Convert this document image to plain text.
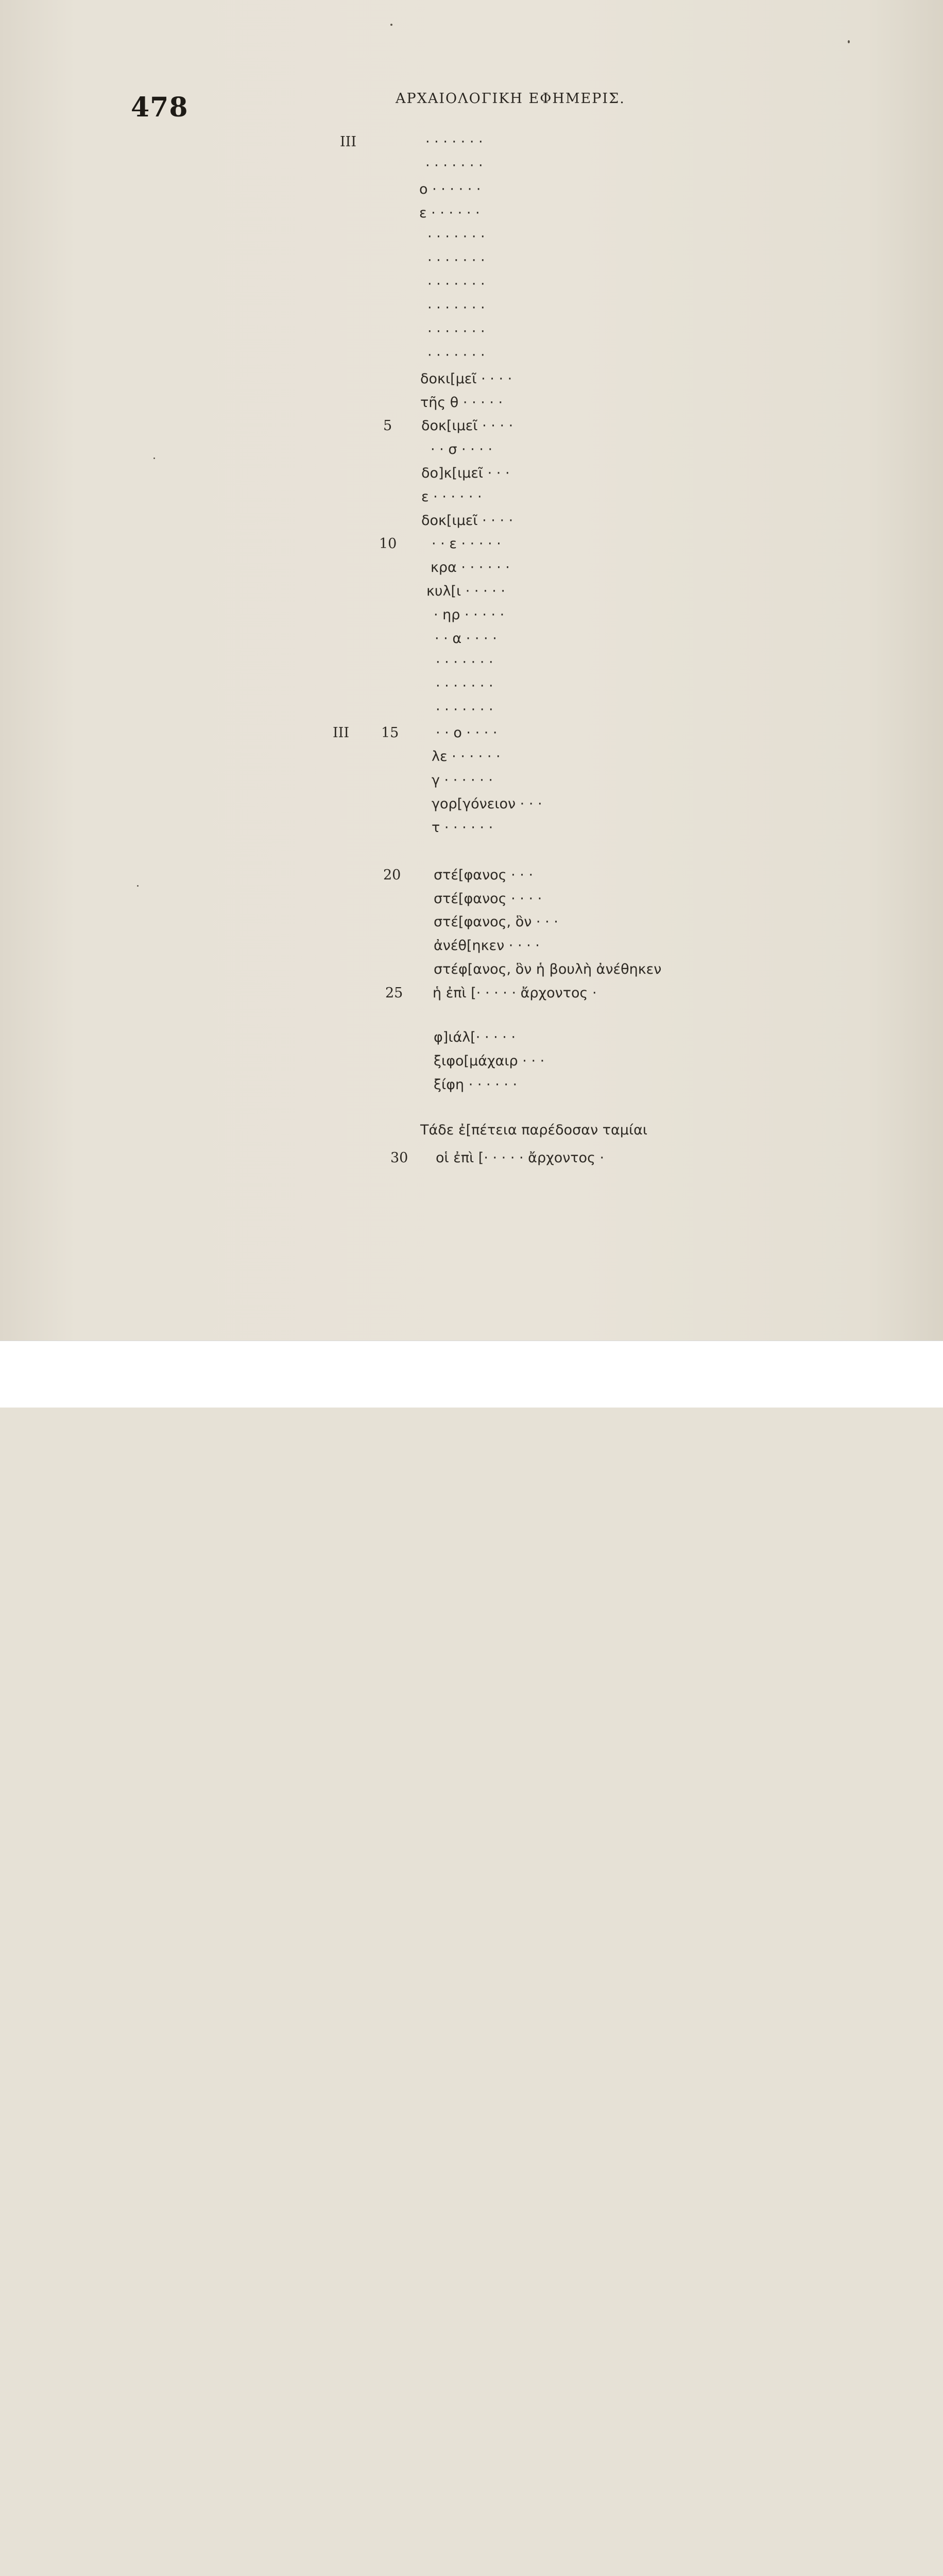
478	ΑΡΧΑΙΟΛΟΓΙΚΗ ΕΦΗΜΕΡΙΣ.
III
III
5
10
15
20
25
30
· · · · · · ·
· · · · · · ·
ο · · · · · ·
ε · · · · · ·
· · · · · · ·
· · · · · · ·
· · · · · · ·
· · · · · · ·
· · · · · · ·
· · · · · · ·
δοκι[μεῖ · · · ·
τῆς θ · · · · ·
δοκ[ιμεῖ · · · ·
· · σ · · · ·
δο]κ[ιμεῖ · · ·
ε · · · · · ·
δοκ[ιμεῖ · · · ·
· · ε · · · · ·
κρα · · · · · ·
κυλ[ι · · · · ·
· ηρ · · · · ·
· · α · · · ·
· · · · · · ·
· · · · · · ·
· · · · · · ·
· · ο · · · ·
λε · · · · · ·
γ · · · · · ·
γορ[γόνειον · · ·
τ · · · · · ·
στέ[φανος · · ·
στέ[φανος · · · ·
στέ[φανος, ὃν · · ·
ἀνέθ[ηκεν · · · ·
στέφ[ανος, ὃν ἡ βουλὴ ἀνέθηκεν
ἡ ἐπὶ [· · · · · ἄρχοντος ·
φ]ιάλ[· · · · ·
ξιφο[μάχαιρ · · ·
ξίφη · · · · · ·
Τάδε ἐ[πέτεια παρέδοσαν ταμίαι
οἱ ἐπὶ [· · · · · ἄρχοντος ·
